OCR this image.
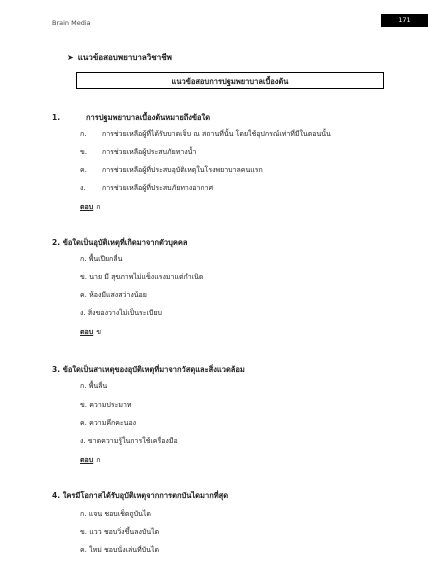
Brain Media	171
➤ แนวข้อสอบพยาบาลวิชาชีพ
แนวข้อสอบการปฐมพยาบาลเบื้องต้น
1.	การปฐมพยาบาลเบื้องต้นหมายถึงข้อใด
ก. การช่วยเหลือผู้ที่ได้รับบาดเจ็บ ณ สถานที่นั้น โดยใช้อุปกรณ์เท่าที่มีในตอนนั้น
ข. การช่วยเหลือผู้ประสบภัยทางน้ำ
ค. การช่วยเหลือผู้ที่ประสบอุบัติเหตุในโรงพยาบาลคนแรก
ง. การช่วยเหลือผู้ที่ประสบภัยทางอากาศ
ตอบ ก
2. ข้อใดเป็นอุบัติเหตุที่เกิดมาจากตัวบุคคล
ก. พื้นเปียกลื่น
ข. นาย มี สุขภาพไม่แข็งแรงมาแต่กำเนิด
ค. ห้องมีแสงสว่างน้อย
ง. สิ่งของวางไม่เป็นระเบียบ
ตอบ ข
3. ข้อใดเป็นสาเหตุของอุบัติเหตุที่มาจากวัสดุและสิ่งแวดล้อม
ก. พื้นลื่น
ข. ความประมาท
ค. ความคึกคะนอง
ง. ขาดความรู้ในการใช้เครื่องมือ
ตอบ ก
4. ใครมีโอกาสได้รับอุบัติเหตุจากการตกบันไดมากที่สุด
ก. แจน ชอบเช็ดถูบันได
ข. แวว ชอบวิ่งขึ้นลงบันได
ค. ใหม่ ชอบนั่งเล่นที่บันได
